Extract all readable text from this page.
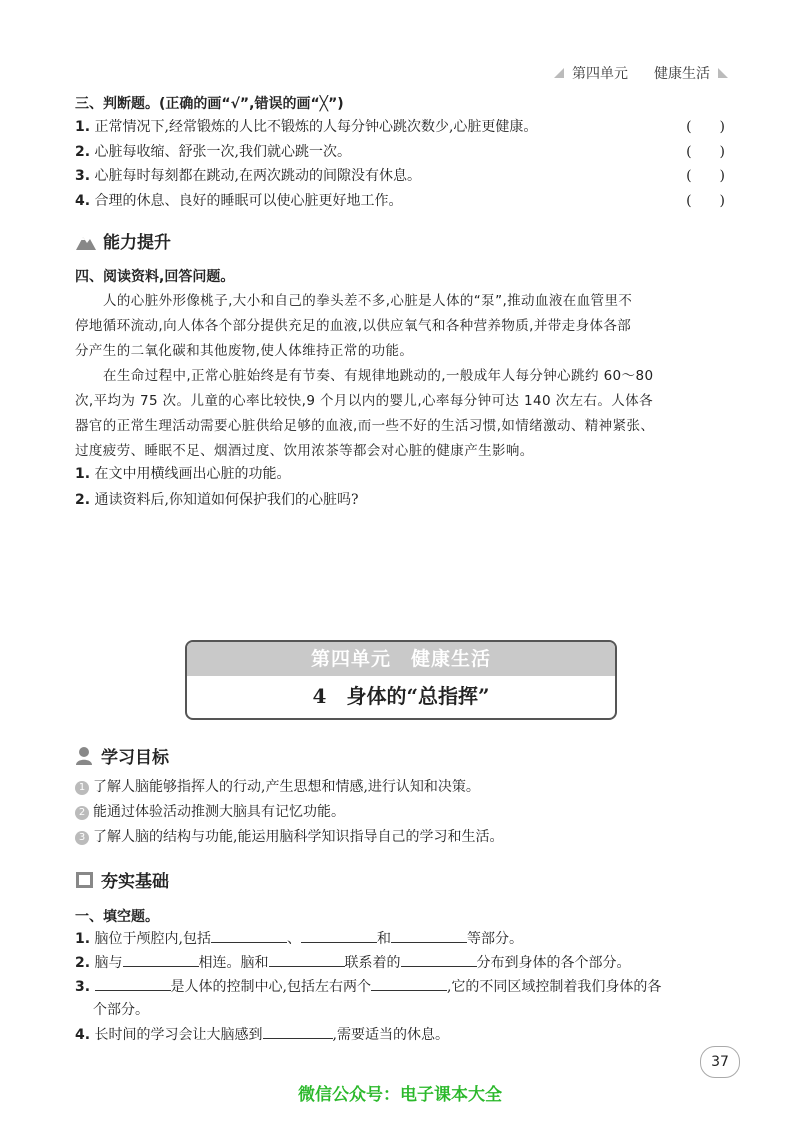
第四单元 健康生活
三、判断题。(正确的画“√”,错误的画“╳”)
1. 正常情况下,经常锻炼的人比不锻炼的人每分钟心跳次数少,心脏更健康。	(　　)
2. 心脏每收缩、舒张一次,我们就心跳一次。	(　　)
3. 心脏每时每刻都在跳动,在两次跳动的间隙没有休息。	(　　)
4. 合理的休息、良好的睡眠可以使心脏更好地工作。	(　　)
能力提升
四、阅读资料,回答问题。
人的心脏外形像桃子,大小和自己的拳头差不多,心脏是人体的“泵”,推动血液在血管里不
停地循环流动,向人体各个部分提供充足的血液,以供应氧气和各种营养物质,并带走身体各部
分产生的二氧化碳和其他废物,使人体维持正常的功能。
在生命过程中,正常心脏始终是有节奏、有规律地跳动的,一般成年人每分钟心跳约 60～80
次,平均为 75 次。儿童的心率比较快,9 个月以内的婴儿,心率每分钟可达 140 次左右。人体各
器官的正常生理活动需要心脏供给足够的血液,而一些不好的生活习惯,如情绪激动、精神紧张、
过度疲劳、睡眠不足、烟酒过度、饮用浓茶等都会对心脏的健康产生影响。
1. 在文中用横线画出心脏的功能。
2. 通读资料后,你知道如何保护我们的心脏吗?
第四单元　健康生活
4　身体的“总指挥”
学习目标
1 了解人脑能够指挥人的行动,产生思想和情感,进行认知和决策。
2 能通过体验活动推测大脑具有记忆功能。
3 了解人脑的结构与功能,能运用脑科学知识指导自己的学习和生活。
夯实基础
一、填空题。
1. 脑位于颅腔内,包括	、	和	等部分。
2. 脑与	相连。脑和	联系着的	分布到身体的各个部分。
3.	是人体的控制中心,包括左右两个	,它的不同区域控制着我们身体的各
个部分。
4. 长时间的学习会让大脑感到	,需要适当的休息。
37
微信公众号：电子课本大全
